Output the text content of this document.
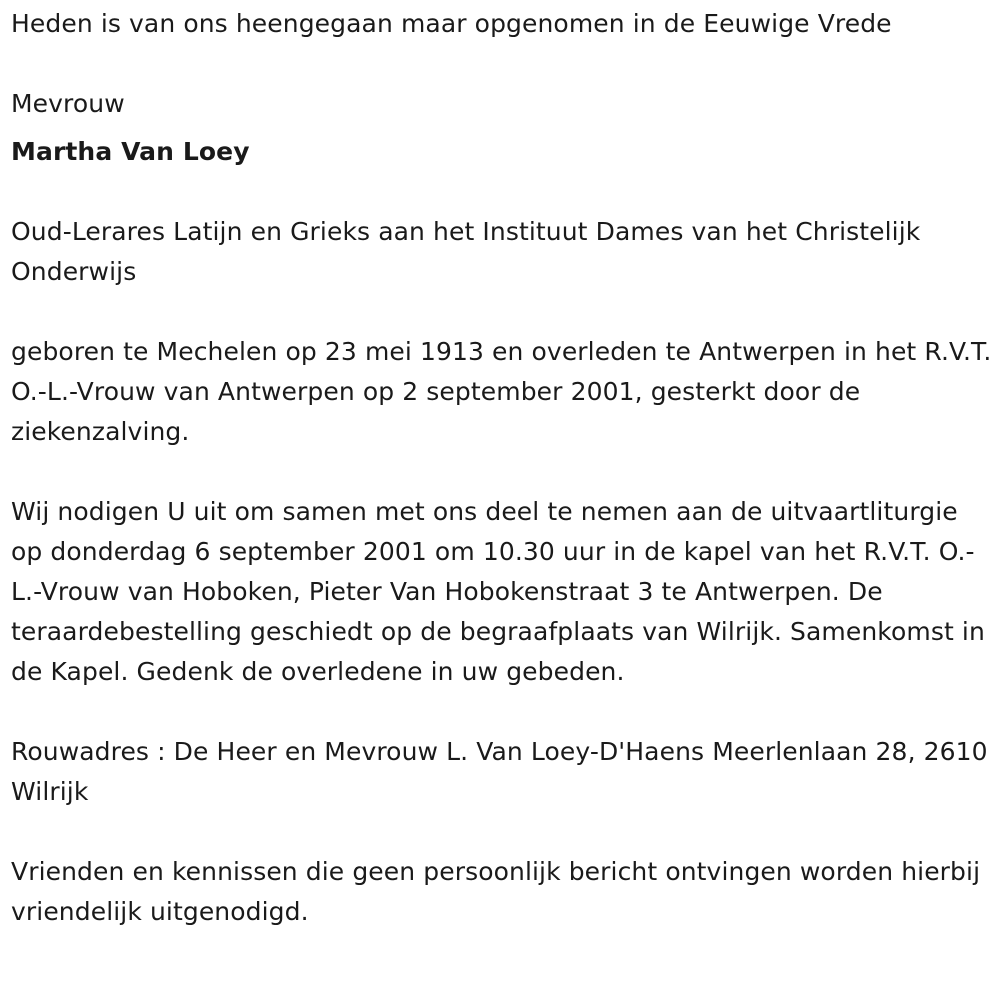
Heden is van ons heengegaan maar opgenomen in de Eeuwige Vrede

Mevrouw

Martha Van Loey

Oud-Lerares Latijn en Grieks aan het Instituut Dames van het Christelijk Onderwijs

geboren te Mechelen op 23 mei 1913 en overleden te Antwerpen in het R.V.T. O.-L.-Vrouw van Antwerpen op 2 september 2001, gesterkt door de ziekenzalving.

Wij nodigen U uit om samen met ons deel te nemen aan de uitvaartliturgie op donderdag 6 september 2001 om 10.30 uur in de kapel van het R.V.T. O.-L.-Vrouw van Hoboken, Pieter Van Hobokenstraat 3 te Antwerpen. De teraardebestelling geschiedt op de begraafplaats van Wilrijk. Samenkomst in de Kapel. Gedenk de overledene in uw gebeden.

Rouwadres : De Heer en Mevrouw L. Van Loey-D'Haens Meerlenlaan 28, 2610 Wilrijk

Vrienden en kennissen die geen persoonlijk bericht ontvingen worden hierbij vriendelijk uitgenodigd.
